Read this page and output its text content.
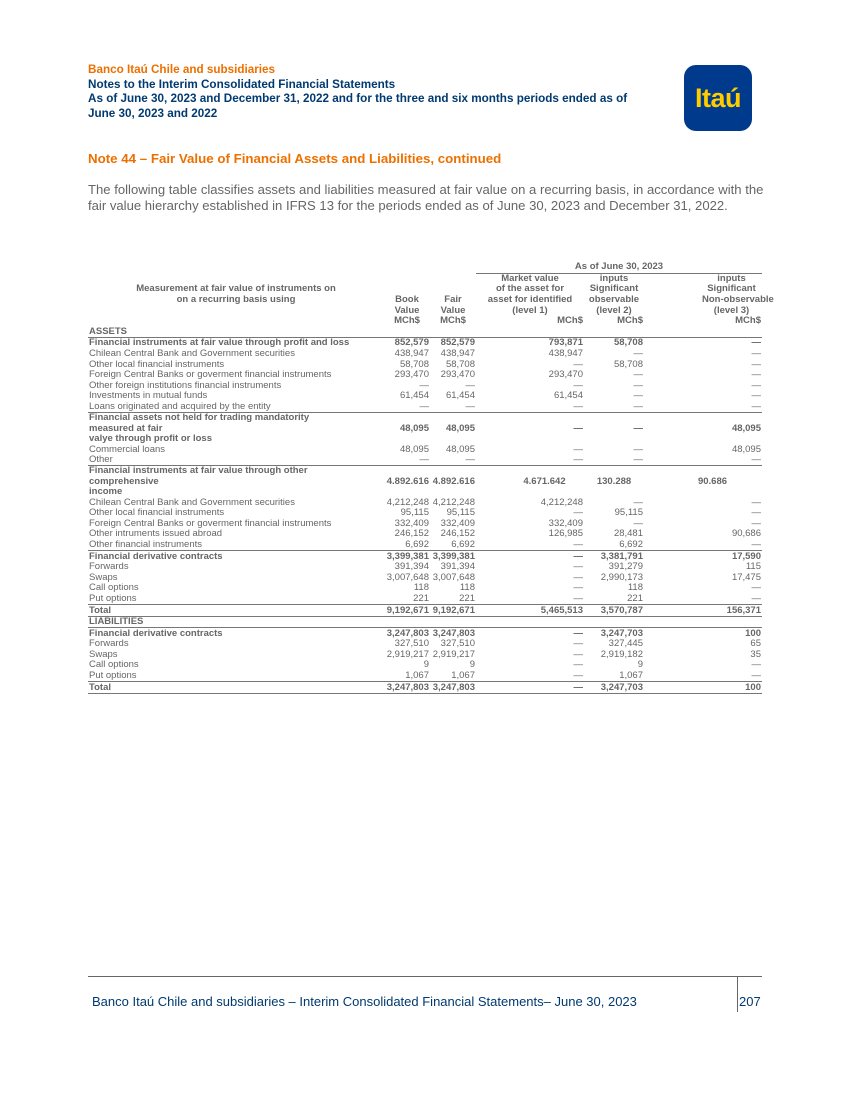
Banco Itaú Chile and subsidiaries
Notes to the Interim Consolidated Financial Statements
As of June 30, 2023 and December 31, 2022 and for the three and six months periods ended as of
June 30, 2023 and 2022
Itaú
Note 44 – Fair Value of Financial Assets and Liabilities, continued
The following table classifies assets and liabilities measured at fair value on a recurring basis, in accordance with the fair value hierarchy established in IFRS 13 for the periods ended as of June 30, 2023 and December 31, 2022.
			As of June 30, 2023		
			Market value	inputs	inputs
Measurement at fair value of instruments on			of the asset for	Significant	Significant
on a recurring basis using	Book	Fair	asset for identified	observable	Non-observable
	Value	Value	(level 1)	(level 2)	(level 3)
	MCh$	MCh$	MCh$	MCh$	MCh$
ASSETS					
Financial instruments at fair value through profit and loss	852,579	852,579	793,871	58,708	—
Chilean Central Bank and Government securities	438,947	438,947	438,947	—	—
Other local financial instruments	58,708	58,708	—	58,708	—
Foreign Central Banks or goverment financial instruments	293,470	293,470	293,470	—	—
Other foreign institutions financial instruments	—	—	—	—	—
Investments in mutual funds	61,454	61,454	61,454	—	—
Loans originated and acquired by the entity	—	—	—	—	—

Financial assets not held for trading mandatority
measured at fair
valye through profit or loss	48,095	48,095	—	—	48,095
Commercial loans	48,095	48,095	—	—	48,095
Other	—	—	—	—	—

Financial instruments at fair value through other
comprehensive
income	4.892.616	4.892.616	4.671.642	130.288	90.686
Chilean Central Bank and Government securities	4,212,248	4,212,248	4,212,248	—	—
Other local financial instruments	95,115	95,115	—	95,115	—
Foreign Central Banks or goverment financial instruments	332,409	332,409	332,409	—	—
Other intruments issued abroad	246,152	246,152	126,985	28,481	90,686
Other financial instruments	6,692	6,692	—	6,692	—
Financial derivative contracts	3,399,381	3,399,381	—	3,381,791	17,590
Forwards	391,394	391,394	—	391,279	115
Swaps	3,007,648	3,007,648	—	2,990,173	17,475
Call options	118	118	—	118	—
Put options	221	221	—	221	—
Total	9,192,671	9,192,671	5,465,513	3,570,787	156,371
LIABILITIES					
Financial derivative contracts	3,247,803	3,247,803	—	3,247,703	100
Forwards	327,510	327,510	—	327,445	65
Swaps	2,919,217	2,919,217	—	2,919,182	35
Call options	9	9	—	9	—
Put options	1,067	1,067	—	1,067	—
Total	3,247,803	3,247,803	—	3,247,703	100
Banco Itaú Chile and subsidiaries – Interim Consolidated Financial Statements– June 30, 2023	207
